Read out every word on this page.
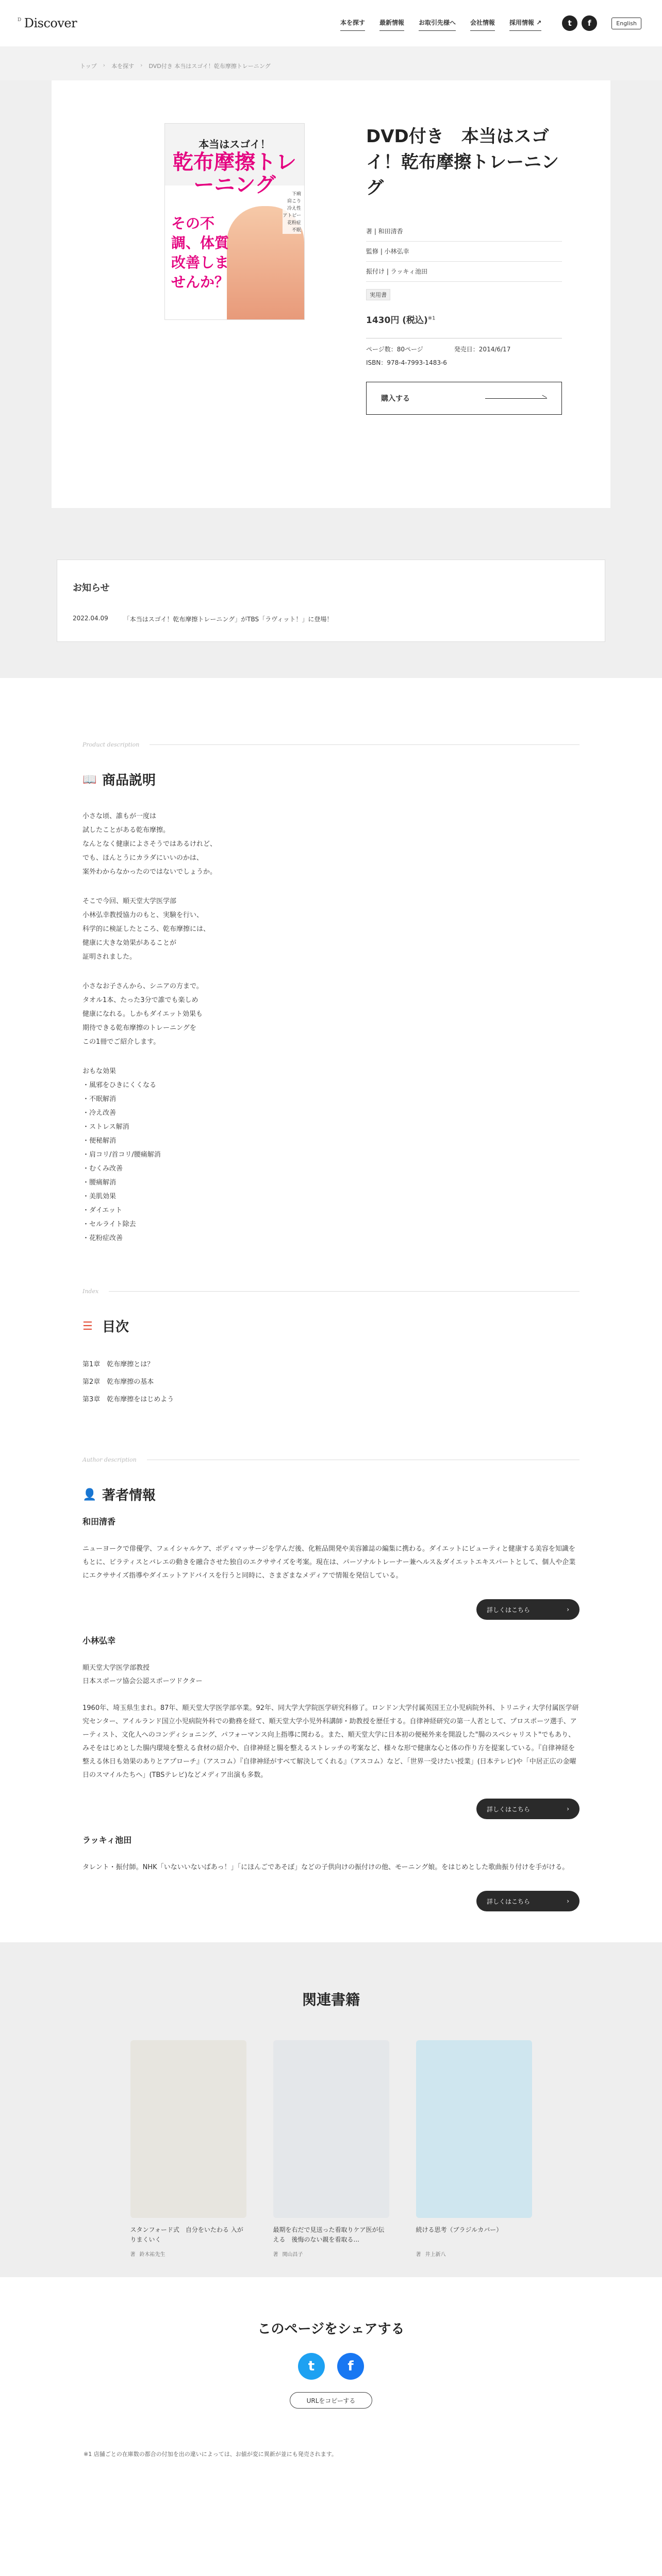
$^D$ Discover	本を探す 最新情報 お取引先様へ 会社情報 採用情報 ↗	t	f	English
トップ › 本を探す › DVD付き 本当はスゴイ！乾布摩擦トレーニング
本当はスゴイ！
乾布摩擦トレーニング
その不調、体質改善しませんか？
下痢
肩こり
冷え性
アトピー
花粉症
不眠
DVD付き　本当はスゴイ！乾布摩擦トレーニング
著 | 和田清香
監修 | 小林弘幸
振付け | ラッキィ池田
実用書
1430円 (税込)$^{※1}$
ページ数：80ページ	発売日：2014/6/17
ISBN：978-4-7993-1483-6
購入する
お知らせ
2022.04.09	「本当はスゴイ！乾布摩擦トレーニング」がTBS「ラヴィット！」に登場！
Product description
📖 商品説明

小さな頃、誰もが一度は
試したことがある乾布摩擦。
なんとなく健康によさそうではあるけれど、
でも、ほんとうにカラダにいいのかは、
案外わからなかったのではないでしょうか。

そこで今回、順天堂大学医学部
小林弘幸教授協力のもと、実験を行い、
科学的に検証したところ、乾布摩擦には、
健康に大きな効果があることが
証明されました。

小さなお子さんから、シニアの方まで。
タオル1本、たった3分で誰でも楽しめ
健康になれる。しかもダイエット効果も
期待できる乾布摩擦のトレーニングを
この1冊でご紹介します。

おもな効果
・風邪をひきにくくなる
・不眠解消
・冷え改善
・ストレス解消
・便秘解消
・肩コリ/首コリ/腰痛解消
・むくみ改善
・腰痛解消
・美肌効果
・ダイエット
・セルライト除去
・花粉症改善

Index
☰ 目次
第1章　乾布摩擦とは？
第2章　乾布摩擦の基本
第3章　乾布摩擦をはじめよう
Author description
👤 著者情報
和田清香

ニューヨークで俳優学、フェイシャルケア、ボディマッサージを学んだ後、化粧品開発や美容雑誌の編集に携わる。ダイエットにビューティと健康する美容を知識をもとに、ビラティスとバレエの動きを融合させた独自のエクササイズを考案。現在は、パーソナルトレーナー兼ヘルス＆ダイエットエキスパートとして、個人や企業にエクササイズ指導やダイエットアドバイスを行うと同時に、さまざまなメディアで情報を発信している。

詳しくはこちら	›
小林弘幸

順天堂大学医学部教授
日本スポーツ協会公認スポーツドクター

1960年、埼玉県生まれ。87年、順天堂大学医学部卒業。92年、同大学大学院医学研究科修了。ロンドン大学付属英国王立小児病院外科、トリニティ大学付属医学研究センター、アイルランド国立小児病院外科での勤務を経て、順天堂大学小児外科講師・助教授を歴任する。自律神経研究の第一人者として、プロスポーツ選手、アーティスト、文化人へのコンディショニング、パフォーマンス向上指導に関わる。また、順天堂大学に日本初の便秘外来を開設した"腸のスペシャリスト"でもあり、みそをはじめとした腸内環境を整える食材の紹介や、自律神経と腸を整えるストレッチの考案など、様々な形で健康な心と体の作り方を提案している。『自律神経を整える休日も効果のありとアプローチ』（アスコム）『自律神経がすべて解決してくれる』（アスコム）など、「世界一受けたい授業」(日本テレビ)や「中居正広の金曜日のスマイルたちへ」(TBSテレビ)などメディア出演も多数。

詳しくはこちら	›
ラッキィ池田

タレント・振付師。NHK「いないいないばあっ！」「にほんごであそぼ」などの子供向けの振付けの他、モーニング娘。をはじめとした歌曲振り付けを手がける。

詳しくはこちら	›
関連書籍
スタンフォード式　自分をいたわる 入がりまくいく
著 鈴木祐先生
最期を右だで見送った看取りケア医が伝える　後悔のない親を看取る...
著 関山昌子
続ける思考（ブラジルカバー）
著 井上新八
このページをシェアする
t	f
URLをコピーする

※1 店舗ごとの在庫数の都合の付加を出の違いによっては、お値が変に異新が並にも発売されます。
